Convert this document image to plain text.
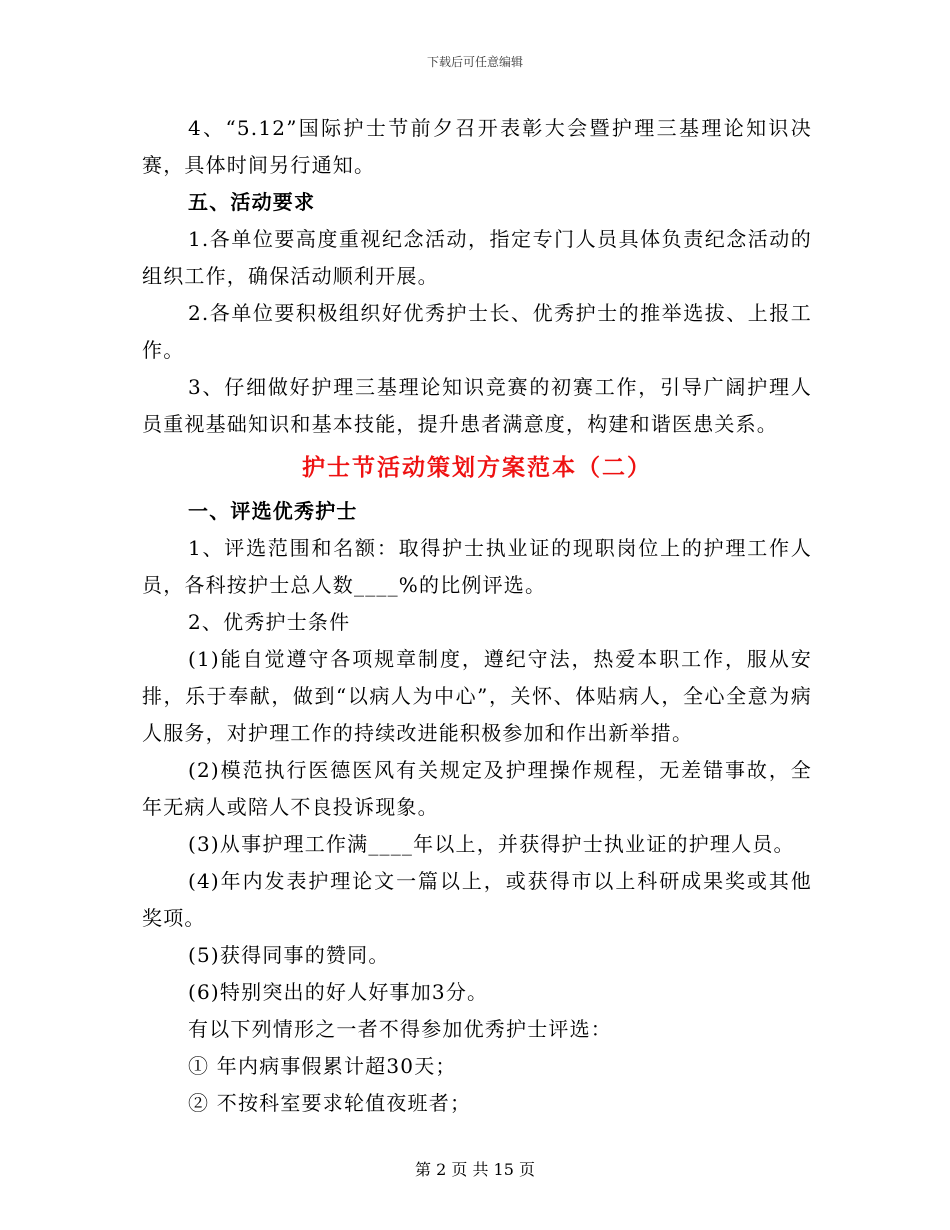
下载后可任意编辑

4、“5.12”国际护士节前夕召开表彰大会暨护理三基理论知识决赛，具体时间另行通知。

五、活动要求

1.各单位要高度重视纪念活动，指定专门人员具体负责纪念活动的组织工作，确保活动顺利开展。

2.各单位要积极组织好优秀护士长、优秀护士的推举选拔、上报工作。

3、仔细做好护理三基理论知识竞赛的初赛工作，引导广阔护理人员重视基础知识和基本技能，提升患者满意度，构建和谐医患关系。

护士节活动策划方案范本（二）

一、评选优秀护士

1、评选范围和名额：取得护士执业证的现职岗位上的护理工作人员，各科按护士总人数____%的比例评选。

2、优秀护士条件

(1)能自觉遵守各项规章制度，遵纪守法，热爱本职工作，服从安排，乐于奉献，做到“以病人为中心”，关怀、体贴病人，全心全意为病人服务，对护理工作的持续改进能积极参加和作出新举措。

(2)模范执行医德医风有关规定及护理操作规程，无差错事故，全年无病人或陪人不良投诉现象。

(3)从事护理工作满____年以上，并获得护士执业证的护理人员。

(4)年内发表护理论文一篇以上，或获得市以上科研成果奖或其他奖项。

(5)获得同事的赞同。

(6)特别突出的好人好事加3分。

有以下列情形之一者不得参加优秀护士评选：

① 年内病事假累计超30天；

② 不按科室要求轮值夜班者；

第 2 页 共 15 页
